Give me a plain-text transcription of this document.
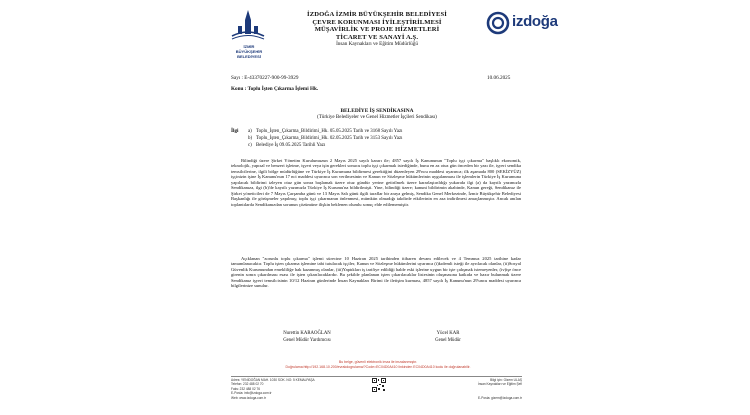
İZMİR
BÜYÜKŞEHİR
BELEDİYESİ
İZDOĞA İZMİR BÜYÜKŞEHİR BELEDİYESİ
ÇEVRE KORUNMASI İYİLEŞTİRİLMESİ
MÜŞAVİRLİK VE PROJE HİZMETLERİ
TİCARET VE SANAYİ A.Ş.
İnsan Kaynakları ve Eğitim Müdürlüğü
izdoğa
Sayı : E-43370227-900-99-3929	10.06.2025
Konu : Toplu İşten Çıkarma İşlemi Hk.
BELEDİYE İŞ SENDİKASINA
(Türkiye Belediyeler ve Genel Hizmetler İşçileri Sendikası)
İlgi a) Toplu_İşten_Çıkarma_Bildirimi_Hk. 05.05.2025 Tarih ve 3168 Sayılı Yazı
b) Toplu_İşten_Çıkarma_Bildirimi_Hk. 02.05.2025 Tarih ve 3153 Sayılı Yazı
c) Belediye İş 09.05.2025 Tarihli Yazı
Bilindiği üzere Şirket Yönetim Kurulumuzun 2 Mayıs 2025 sayılı kararı ile; 4857 sayılı İş Kanununun "Toplu işçi çıkarma" başlıklı ekonomik, teknolojik, yapısal ve benzeri işletme, işyeri veya işin gerekleri sonucu toplu işçi çıkarmak istediğinde, bunu en az otuz gün önceden bir yazı ile, işyeri sendika temsilcilerine, ilgili bölge müdürlüğüne ve Türkiye İş Kurumuna bildirmesi gerektiğini düzenleyen 29'ncu maddesi uyarınca; ilk aşamada 800 (SEKİZYÜZ) işçinizin işine İş Kanunu'nun 17 nci maddesi uyarınca son verilmesinin ve Kanun ve Sözleşme hükümlerinin uygulanması ile işlemlerin Türkiye İş Kurumuna yapılacak bildirimi izleyen otuz gün sonra başlamak üzere otuz gündür yerine getirilmek üzere kararlaştırıldığı yukarıda ilgi (a) da kayıtlı yazımızla Sendikanıza, ilgi (b)'de kayıtlı yazımızla Türkiye İş Kurumu'na bildirilmişti. Yine, bilindiği üzere; kanuni bildirimin akabinde, Kanun gereği, Sendikanız ile Şirket yöneticileri de 7 Mayıs Çarşamba günü ve 13 Mayıs Salı günü ilgili taraflar bir araya gelmiş, Sendika Genel Merkezinde, İzmir Büyükşehir Belediyesi Başkanlığı ile görüşmeler yapılmış; toplu işçi çıkarmanın önlenmesi, mümkün olmadığı takdirde etkilerinin en aza indirilmesi amaçlanmıştır. Ancak anılan toplantılarda Sendikanızdan sorunun çözümüne ilişkin beklenen olumlu sonuç elde edilememiştir.
Açıklanan "zorunlu toplu çıkarma" işlemi sürecine 10 Haziran 2025 tarihinden itibaren devam edilecek ve 4 Temmuz 2025 tarihine kadar tamamlanacaktır. Toplu işten çıkarma işlemine tabi tutulacak işçiler, Kanun ve Sözleşme hükümlerini uyarınca (i)kıdemli isteği ile ayrılacak olanlar, (ii)Sosyal Güvenlik Kurumundan emekliliğe hak kazanmış olanlar, (iii)Yaptıkları iş tarifiye edildiği halde eski işlerine uygun bir işte çalışmak istemeyenler, (iv)işe önce girenin sonra çıkarılması esası ile işten çıkarılacaklardır. Bu şekilde planlanan işten çıkarılacaklar listesinin oluşmasına katkıda ve hazır bulunmak üzere Sendikanız işyeri temsilcisinin 10/12 Haziran günlerinde İnsan Kaynakları Birimi ile iletişim kurması, 4857 sayılı İş Kanunu'nun 29'uncu maddesi uyarınca bilgilerinize sunulur.
Nurettin KARAOĞLAN
Genel Müdür Yardımcısı
Yücel KAR
Genel Müdür
Bu belge, güvenli elektronik imza ile imzalanmıştır.
Doğrulama:http://192.168.10.200/evrakdogrulama/?Code=EC04D0A410 linkinden EC04D0A410 kodu ile doğrulanabilir.
Adres: YENİDOĞAN MAH. 1030 SOK. NO: 5 KEMALPAŞA
Telefon: 232 488 02 70
Faks: 232 488 02 76
E-Posta: info@izdoga.com.tr
Web: www.izdoga.com.tr
Bilgi için: Gizem ULAŞ
İnsan Kaynakları ve Eğitim Şefi

E-Posta: gizem@izdoga.com.tr
